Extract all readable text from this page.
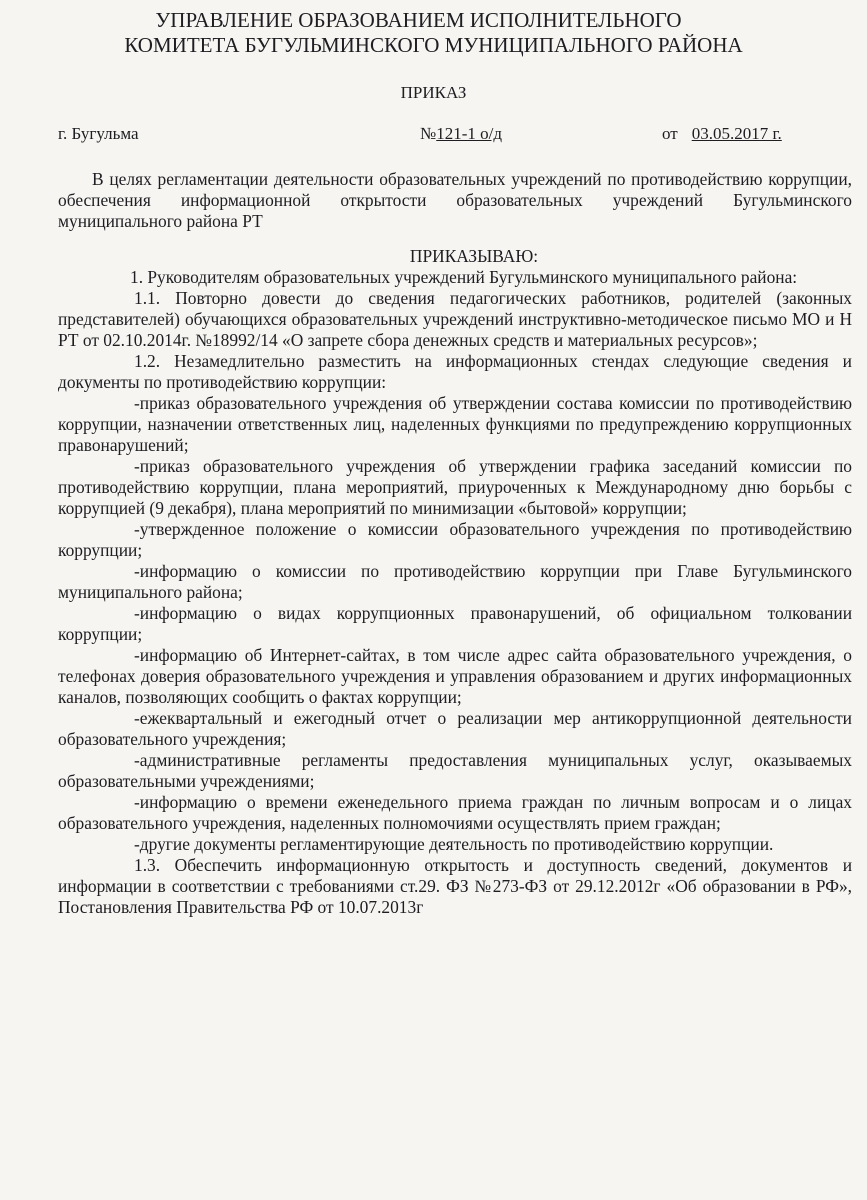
УПРАВЛЕНИЕ ОБРАЗОВАНИЕМ ИСПОЛНИТЕЛЬНОГО
КОМИТЕТА БУГУЛЬМИНСКОГО МУНИЦИПАЛЬНОГО РАЙОНА
ПРИКАЗ
г. Бугульма	№121-1 о/д	от 03.05.2017 г.

В целях регламентации деятельности образовательных учреждений по противодействию коррупции, обеспечения информационной открытости образовательных учреждений Бугульминского муниципального района РТ

ПРИКАЗЫВАЮ:

1. Руководителям образовательных учреждений Бугульминского муниципального района:

1.1. Повторно довести до сведения педагогических работников, родителей (законных представителей) обучающихся образовательных учреждений инструктивно-методическое письмо МО и Н РТ от 02.10.2014г. №18992/14 «О запрете сбора денежных средств и материальных ресурсов»;

1.2. Незамедлительно разместить на информационных стендах следующие сведения и документы по противодействию коррупции:

-приказ образовательного учреждения об утверждении состава комиссии по противодействию коррупции, назначении ответственных лиц, наделенных функциями по предупреждению коррупционных правонарушений;

-приказ образовательного учреждения об утверждении графика заседаний комиссии по противодействию коррупции, плана мероприятий, приуроченных к Международному дню борьбы с коррупцией (9 декабря), плана мероприятий по минимизации «бытовой» коррупции;

-утвержденное положение о комиссии образовательного учреждения по противодействию коррупции;

-информацию о комиссии по противодействию коррупции при Главе Бугульминского муниципального района;

-информацию о видах коррупционных правонарушений, об официальном толковании коррупции;

-информацию об Интернет-сайтах, в том числе адрес сайта образовательного учреждения, о телефонах доверия образовательного учреждения и управления образованием и других информационных каналов, позволяющих сообщить о фактах коррупции;

-ежеквартальный и ежегодный отчет о реализации мер антикоррупционной деятельности образовательного учреждения;

-административные регламенты предоставления муниципальных услуг, оказываемых образовательными учреждениями;

-информацию о времени еженедельного приема граждан по личным вопросам и о лицах образовательного учреждения, наделенных полномочиями осуществлять прием граждан;

-другие документы регламентирующие деятельность по противодействию коррупции.

1.3. Обеспечить информационную открытость и доступность сведений, документов и информации в соответствии с требованиями ст.29. ФЗ №273-ФЗ от 29.12.2012г «Об образовании в РФ», Постановления Правительства РФ от 10.07.2013г
